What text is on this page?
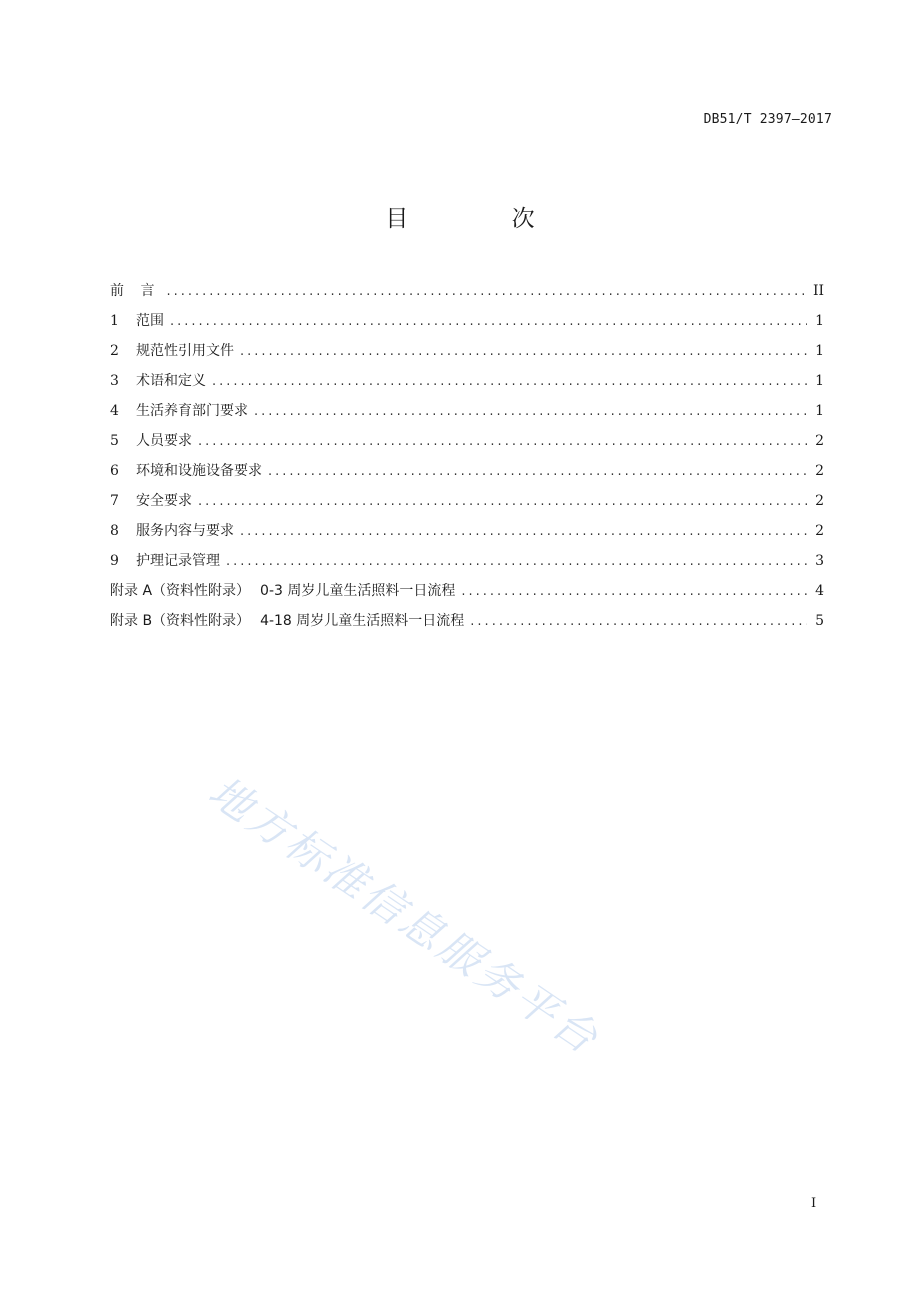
DB51/T 2397—2017
目 次
前 言 .....	II
1	范围 .....	1
2	规范性引用文件 .....	1
3	术语和定义 .....	1
4	生活养育部门要求 .....	1
5	人员要求 .....	2
6	环境和设施设备要求 .....	2
7	安全要求 .....	2
8	服务内容与要求 .....	2
9	护理记录管理 .....	3
附录 A（资料性附录） 0-3 周岁儿童生活照料一日流程 .....	4
附录 B（资料性附录） 4-18 周岁儿童生活照料一日流程 .....	5
地方标准信息服务平台
I
